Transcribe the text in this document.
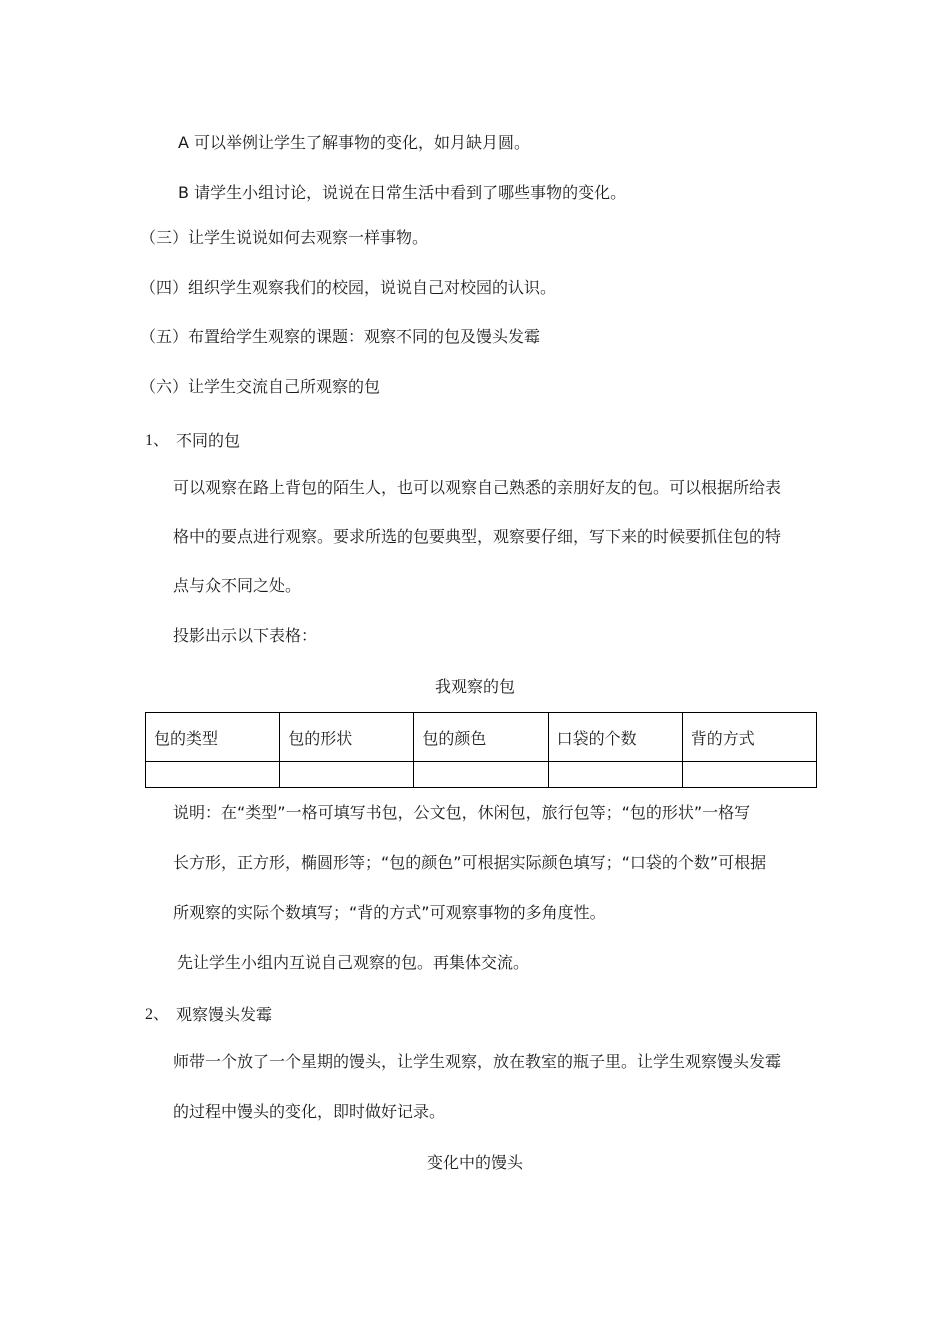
A 可以举例让学生了解事物的变化，如月缺月圆。
B 请学生小组讨论，说说在日常生活中看到了哪些事物的变化。
（三）让学生说说如何去观察一样事物。
（四）组织学生观察我们的校园，说说自己对校园的认识。
（五）布置给学生观察的课题：观察不同的包及馒头发霉
（六）让学生交流自己所观察的包
1、 不同的包
可以观察在路上背包的陌生人，也可以观察自己熟悉的亲朋好友的包。可以根据所给表
格中的要点进行观察。要求所选的包要典型，观察要仔细，写下来的时候要抓住包的特
点与众不同之处。
投影出示以下表格：
我观察的包
包的类型	包的形状	包的颜色	口袋的个数	背的方式

说明：在“类型”一格可填写书包，公文包，休闲包，旅行包等；“包的形状”一格写
长方形，正方形，椭圆形等；“包的颜色”可根据实际颜色填写；“口袋的个数”可根据
所观察的实际个数填写；“背的方式”可观察事物的多角度性。
先让学生小组内互说自己观察的包。再集体交流。
2、 观察馒头发霉
师带一个放了一个星期的馒头，让学生观察，放在教室的瓶子里。让学生观察馒头发霉
的过程中馒头的变化，即时做好记录。
变化中的馒头
